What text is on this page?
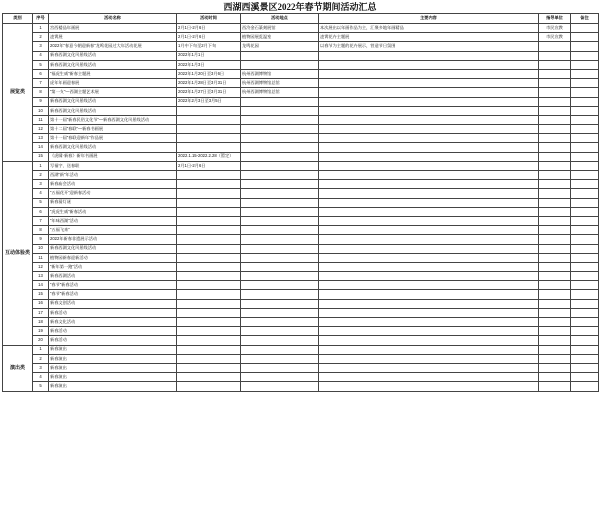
西湖西溪景区2022年春节期间活动汇总
类别	序号	活动名称	活动时间	活动地点	主要内容	指导单位	备注
展览类	1	宫西楼品年画展	2月1日-2月6日	西泠金石篆刻展馆	本次展出以年画作品为主，汇聚多地年画精品	市民宣教	
	2	凌霄展	2月1日-2月6日	植物园展览温室	凌霄花卉主题展	市民宣教	
	3	2022年“春意今朝迎新春”龙鸣花园过大年活动花展	1月中下旬至2月下旬	龙鸣花园	以春节为主题的花卉展示，营造节日氛围		
	4	新春西湖文化风景线活动	2022年1月1日				
	5	新春西湖文化风景线活动	2022年1月3日				
	6	“福虎生威”新春主题展	2022年1月20日至3月6日	杭州西湖博物馆			
	7	虎年年画迎春展	2022年1月28日至3月31日	杭州西湖博物馆总馆			
	8	“第一支”—西湖主题艺术展	2022年1月27日至3月31日	杭州西湖博物馆总馆			
	9	新春西湖文化风景线活动	2022年2月3日至3月5日				
	10	新春西湖文化风景线活动					
	11	第十一届“新春民俗文化节”—新春西湖文化风景线活动					
	12	第十二届“春联”—新春书画展					
	13	第十一届“春联迎新年”作品展					
	14	新春西湖文化风景线活动					
	15	《虎啸·新春》新年书画展	2022.1.15-2022.2.28（暂定）				
互动体验类	1	写福字、送春联	2月1日-2月6日				
	2	西湖“新”年活动					
	3	新春庙会活动					
	4	“五福花开”迎新春活动					
	5	新春猜灯谜					
	6	“虎虎生威”新春活动					
	7	“年味西湖”活动					
	8	“五福飞来”					
	9	2022年新春非遗展示活动					
	10	新春西湖文化风景线活动					
	11	植物园新春迎新活动					
	12	“新年第一跑”活动					
	13	新春西湖活动					
	14	“春节”新春活动					
	15	“春节”新春活动					
	16	新春文创活动					
	17	新春活动					
	18	新春文化活动					
	19	新春活动					
	20	新春活动					
演出类	1	新春演出					
	2	新春演出					
	3	新春演出					
	4	新春演出					
	5	新春演出					
